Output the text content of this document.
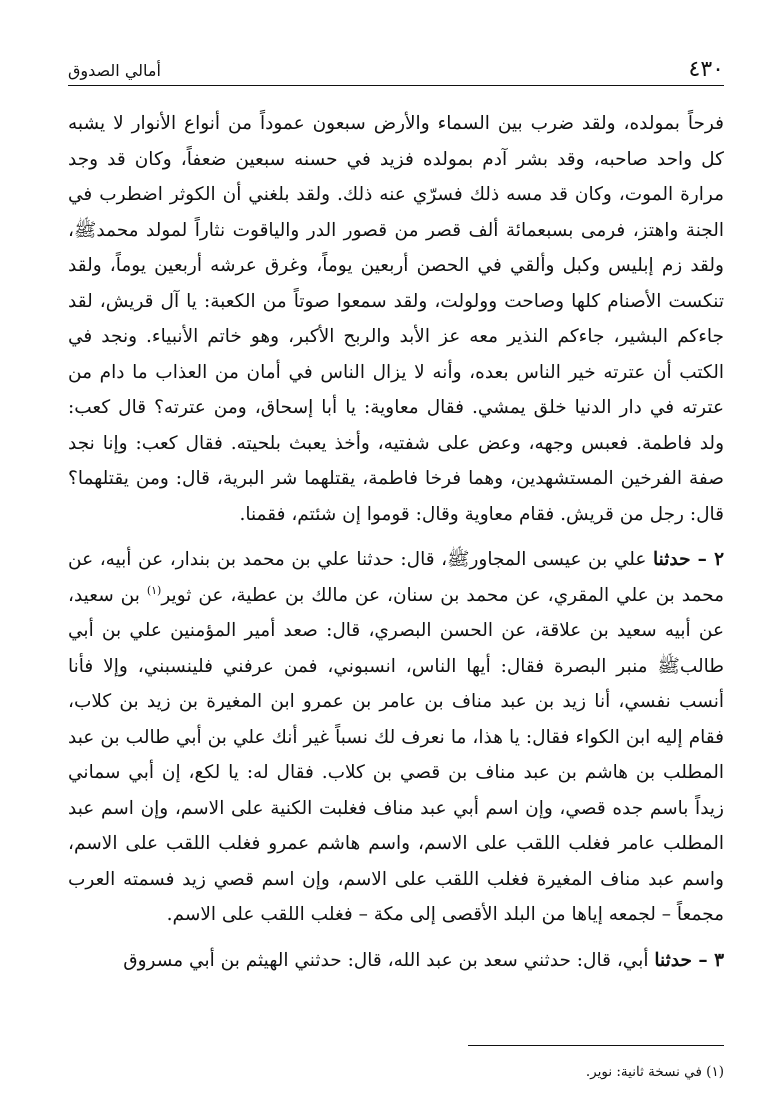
٤٣٠
أمالي الصدوق

فرحاً بمولده، ولقد ضرب بين السماء والأرض سبعون عموداً من أنواع الأنوار لا يشبه كل واحد صاحبه، وقد بشر آدم بمولده فزيد في حسنه سبعين ضعفاً، وكان قد وجد مرارة الموت، وكان قد مسه ذلك فسرّي عنه ذلك. ولقد بلغني أن الكوثر اضطرب في الجنة واهتز، فرمى بسبعمائة ألف قصر من قصور الدر والياقوت نثاراً لمولد محمدﷺ، ولقد زم إبليس وكبل وألقي في الحصن أربعين يوماً، وغرق عرشه أربعين يوماً، ولقد تنكست الأصنام كلها وصاحت وولولت، ولقد سمعوا صوتاً من الكعبة: يا آل قريش، لقد جاءكم البشير، جاءكم النذير معه عز الأبد والربح الأكبر، وهو خاتم الأنبياء. ونجد في الكتب أن عترته خير الناس بعده، وأنه لا يزال الناس في أمان من العذاب ما دام من عترته في دار الدنيا خلق يمشي. فقال معاوية: يا أبا إسحاق، ومن عترته؟ قال كعب: ولد فاطمة. فعبس وجهه، وعض على شفتيه، وأخذ يعبث بلحيته. فقال كعب: وإنا نجد صفة الفرخين المستشهدين، وهما فرخا فاطمة، يقتلهما شر البرية، قال: ومن يقتلهما؟ قال: رجل من قريش. فقام معاوية وقال: قوموا إن شئتم، فقمنا.

٢ – حدثنا علي بن عيسى المجاورﷺ، قال: حدثنا علي بن محمد بن بندار، عن أبيه، عن محمد بن علي المقري، عن محمد بن سنان، عن مالك بن عطية، عن ثوير$^{(١)}$ بن سعيد، عن أبيه سعيد بن علاقة، عن الحسن البصري، قال: صعد أمير المؤمنين علي بن أبي طالبﷺ منبر البصرة فقال: أيها الناس، انسبوني، فمن عرفني فلينسبني، وإلا فأنا أنسب نفسي، أنا زيد بن عبد مناف بن عامر بن عمرو ابن المغيرة بن زيد بن كلاب، فقام إليه ابن الكواء فقال: يا هذا، ما نعرف لك نسباً غير أنك علي بن أبي طالب بن عبد المطلب بن هاشم بن عبد مناف بن قصي بن كلاب. فقال له: يا لكع، إن أبي سماني زيداً باسم جده قصي، وإن اسم أبي عبد مناف فغلبت الكنية على الاسم، وإن اسم عبد المطلب عامر فغلب اللقب على الاسم، واسم هاشم عمرو فغلب اللقب على الاسم، واسم عبد مناف المغيرة فغلب اللقب على الاسم، وإن اسم قصي زيد فسمته العرب مجمعاً – لجمعه إياها من البلد الأقصى إلى مكة – فغلب اللقب على الاسم.

٣ – حدثنا أبي، قال: حدثني سعد بن عبد الله، قال: حدثني الهيثم بن أبي مسروق

(١) في نسخة ثانية: نوير.
